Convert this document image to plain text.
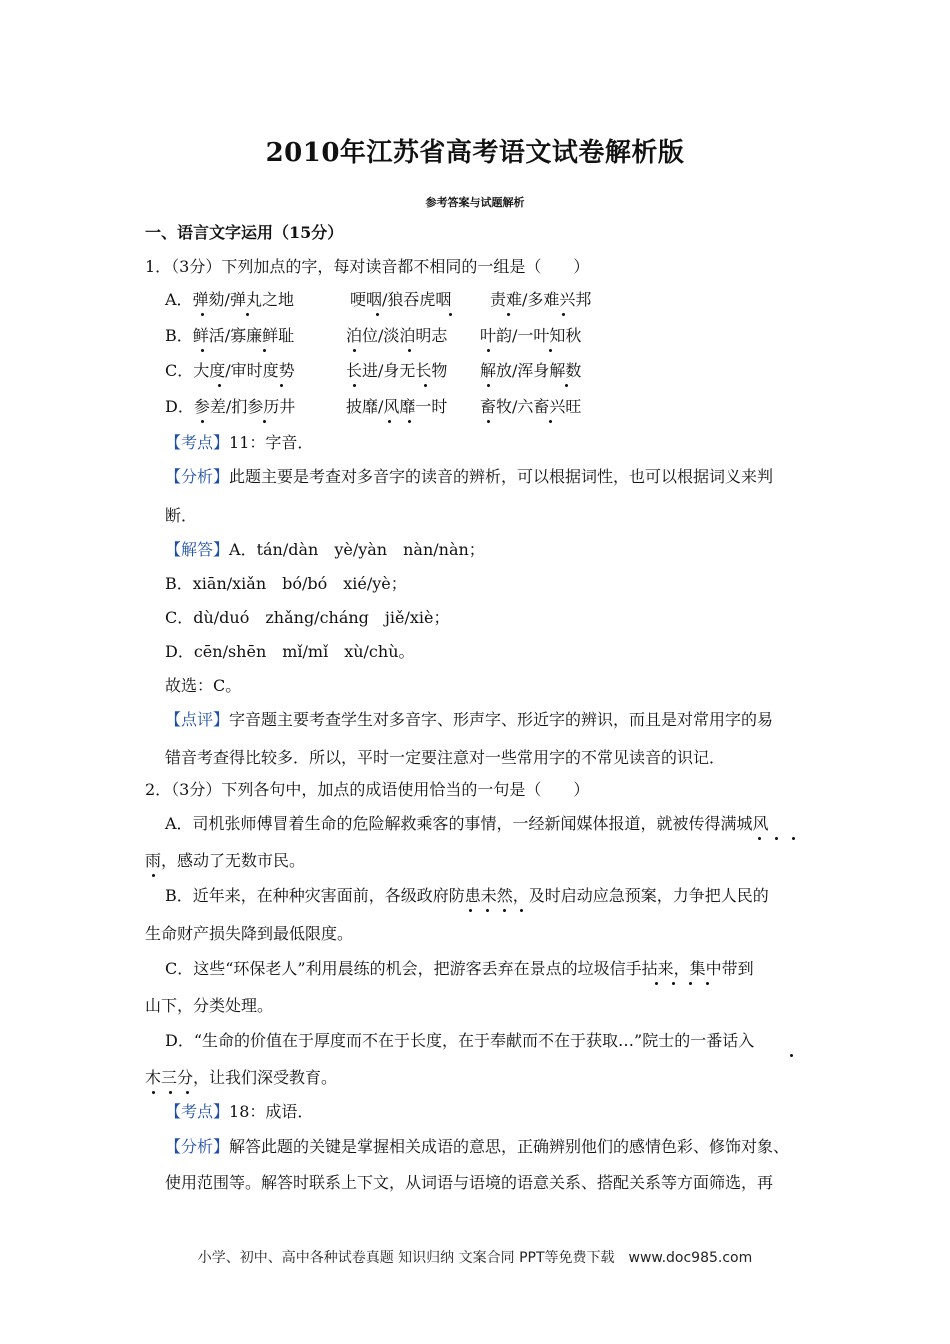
2010年江苏省高考语文试卷解析版
参考答案与试题解析
一、语言文字运用（15分）
1．（3分）下列加点的字，每对读音都不相同的一组是（　　）
A．弹劾/弹丸之地	哽咽/狼吞虎咽 责难/多难兴邦
B．鲜活/寡廉鲜耻	泊位/淡泊明志 叶韵/一叶知秋
C．大度/审时度势	长进/身无长物 解放/浑身解数
D．参差/扪参历井	披靡/风靡一时 畜牧/六畜兴旺
【考点】11：字音．
【分析】此题主要是考查对多音字的读音的辨析，可以根据词性，也可以根据词义来判
断．
【解答】A．tán/dàn　yè/yàn　nàn/nàn；
B．xiān/xiǎn　bó/bó　xié/yè；
C．dù/duó　zhǎng/cháng　jiě/xiè；
D．cēn/shēn　mǐ/mǐ　xù/chù。
故选：C。
【点评】字音题主要考查学生对多音字、形声字、形近字的辨识，而且是对常用字的易
错音考查得比较多．所以，平时一定要注意对一些常用字的不常见读音的识记．
2．（3分）下列各句中，加点的成语使用恰当的一句是（　　）
A．司机张师傅冒着生命的危险解救乘客的事情，一经新闻媒体报道，就被传得满城风
雨，感动了无数市民。
B．近年来，在种种灾害面前，各级政府防患未然，及时启动应急预案，力争把人民的
生命财产损失降到最低限度。
C．这些“环保老人”利用晨练的机会，把游客丢弃在景点的垃圾信手拈来，集中带到
山下，分类处理。
D．“生命的价值在于厚度而不在于长度，在于奉献而不在于获取…”院士的一番话入
木三分，让我们深受教育。
【考点】18：成语．
【分析】解答此题的关键是掌握相关成语的意思，正确辨别他们的感情色彩、修饰对象、
使用范围等。解答时联系上下文，从词语与语境的语意关系、搭配关系等方面筛选，再
小学、初中、高中各种试卷真题 知识归纳 文案合同 PPT等免费下载　www.doc985.com
